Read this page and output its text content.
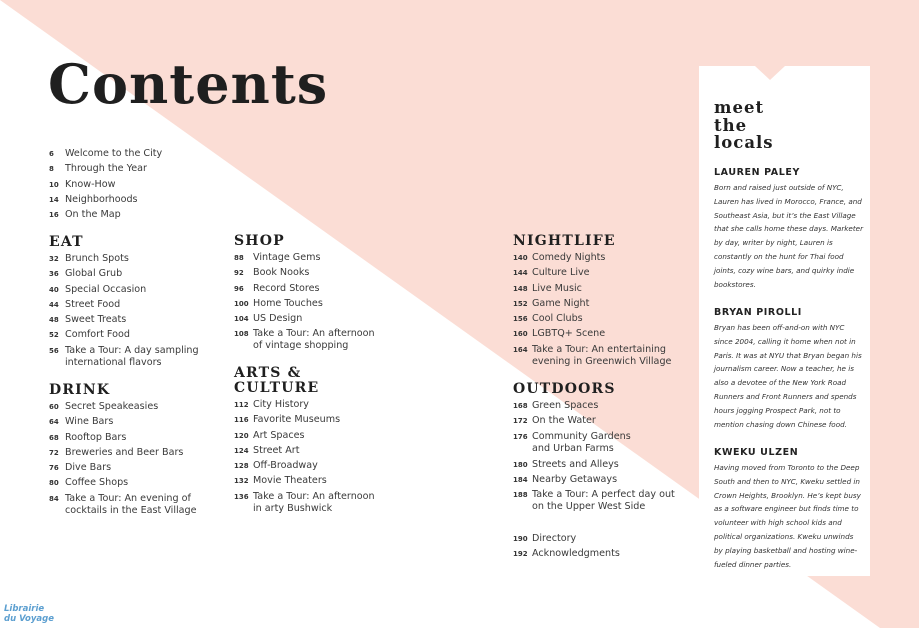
Contents
6	Welcome to the City
8	Through the Year
10 Know-How
14 Neighborhoods
16 On the Map
EAT
32 Brunch Spots
36 Global Grub
40 Special Occasion
44 Street Food
48 Sweet Treats
52 Comfort Food
56 Take a Tour: A day sampling
international flavors
DRINK
60 Secret Speakeasies
64 Wine Bars
68 Rooftop Bars
72 Breweries and Beer Bars
76 Dive Bars
80 Coffee Shops
84 Take a Tour: An evening of
cocktails in the East Village
SHOP
88 Vintage Gems
92 Book Nooks
96 Record Stores
100 Home Touches
104 US Design
108 Take a Tour: An afternoon
of vintage shopping
ARTS &
CULTURE
112 City History
116 Favorite Museums
120 Art Spaces
124 Street Art
128 Off-Broadway
132 Movie Theaters
136 Take a Tour: An afternoon
in arty Bushwick
NIGHTLIFE
140 Comedy Nights
144 Culture Live
148 Live Music
152 Game Night
156 Cool Clubs
160 LGBTQ+ Scene
164 Take a Tour: An entertaining
evening in Greenwich Village
OUTDOORS
168 Green Spaces
172 On the Water
176 Community Gardens
and Urban Farms
180 Streets and Alleys
184 Nearby Getaways
188 Take a Tour: A perfect day out
on the Upper West Side
190 Directory
192 Acknowledgments
meet
the
locals
LAUREN PALEY

Born and raised just outside of NYC, Lauren has lived in Morocco, France, and Southeast Asia, but it’s the East Village that she calls home these days. Marketer by day, writer by night, Lauren is constantly on the hunt for Thai food joints, cozy wine bars, and quirky indie bookstores.

BRYAN PIROLLI

Bryan has been off-and-on with NYC since 2004, calling it home when not in Paris. It was at NYU that Bryan began his journalism career. Now a teacher, he is also a devotee of the New York Road Runners and Front Runners and spends hours jogging Prospect Park, not to mention chasing down Chinese food.

KWEKU ULZEN

Having moved from Toronto to the Deep South and then to NYC, Kweku settled in Crown Heights, Brooklyn. He’s kept busy as a software engineer but finds time to volunteer with high school kids and political organizations. Kweku unwinds by playing basketball and hosting wine-fueled dinner parties.

Librairie
du Voyage
